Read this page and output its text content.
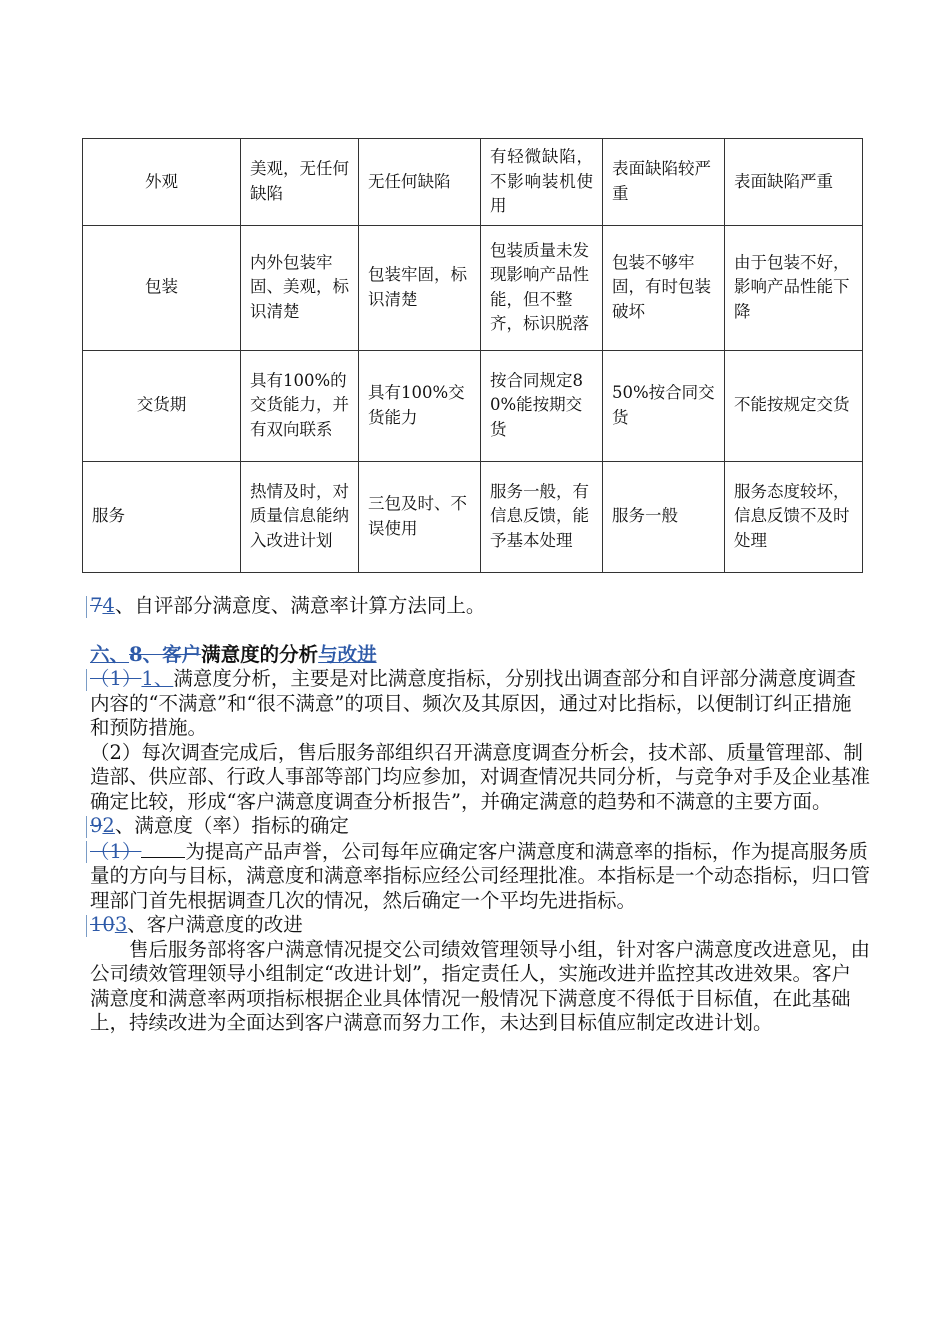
外观	美观，无任何缺陷	无任何缺陷	有轻微缺陷，不影响装机使用	表面缺陷较严重	表面缺陷严重
包装	内外包装牢固、美观，标识清楚	包装牢固，标识清楚	包装质量未发现影响产品性能，但不整齐，标识脱落	包装不够牢固，有时包装破坏	由于包装不好，影响产品性能下降
交货期	具有100%的交货能力，并有双向联系	具有100%交货能力	按合同规定80%能按期交货	50%按合同交货	不能按规定交货
服务	热情及时，对质量信息能纳入改进计划	三包及时、不误使用	服务一般，有信息反馈，能予基本处理	服务一般	服务态度较坏，信息反馈不及时处理

74、自评部分满意度、满意率计算方法同上。

六、8、客户满意度的分析与改进

（1）1、满意度分析，主要是对比满意度指标，分别找出调查部分和自评部分满意度调查内容的“不满意”和“很不满意”的项目、频次及其原因，通过对比指标，以便制订纠正措施和预防措施。

（2）每次调查完成后，售后服务部组织召开满意度调查分析会，技术部、质量管理部、制造部、供应部、行政人事部等部门均应参加，对调查情况共同分析，与竞争对手及企业基准确定比较，形成“客户满意度调查分析报告”，并确定满意的趋势和不满意的主要方面。

92、满意度（率）指标的确定

（1） 为提高产品声誉，公司每年应确定客户满意度和满意率的指标，作为提高服务质量的方向与目标，满意度和满意率指标应经公司经理批准。本指标是一个动态指标，归口管理部门首先根据调查几次的情况，然后确定一个平均先进指标。

103、客户满意度的改进

售后服务部将客户满意情况提交公司绩效管理领导小组，针对客户满意度改进意见，由公司绩效管理领导小组制定“改进计划”，指定责任人，实施改进并监控其改进效果。客户满意度和满意率两项指标根据企业具体情况一般情况下满意度不得低于目标值，在此基础上，持续改进为全面达到客户满意而努力工作，未达到目标值应制定改进计划。
